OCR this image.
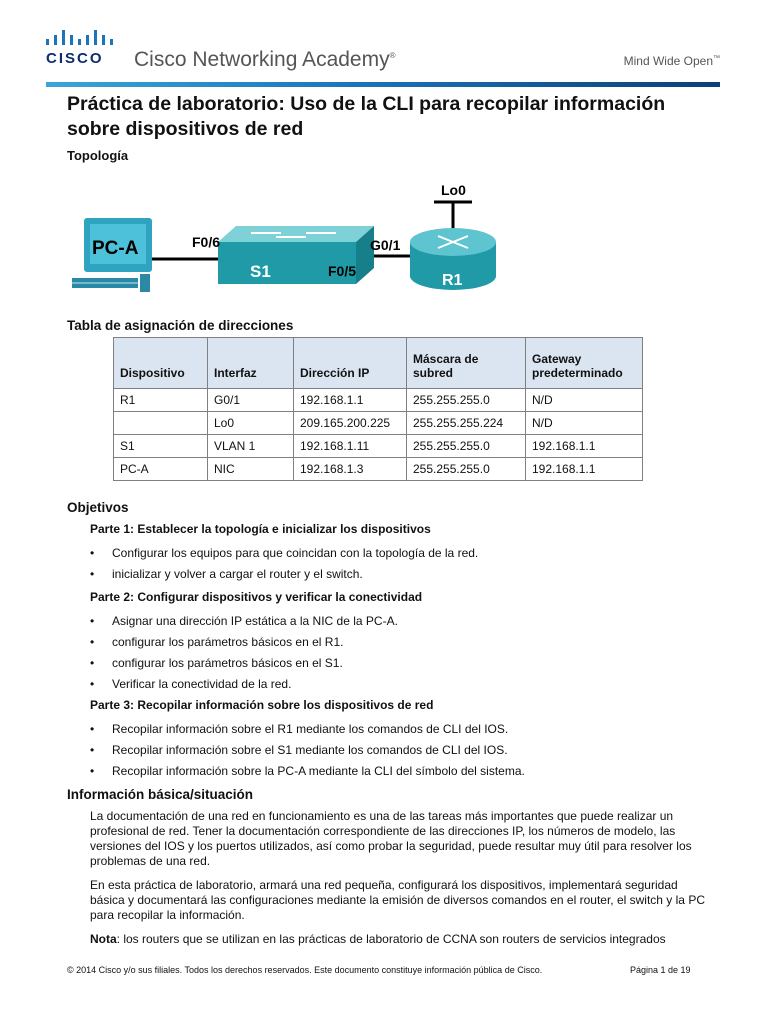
CISCO Cisco Networking Academy®	Mind Wide Open™
Práctica de laboratorio: Uso de la CLI para recopilar información sobre dispositivos de red
Topología
PC-A
S1	R1
F0/6
F0/5
G0/1
Lo0
Tabla de asignación de direcciones
Dispositivo	Interfaz	Dirección IP	Máscara de subred	Gateway predeterminado
R1	G0/1	192.168.1.1	255.255.255.0	N/D
	Lo0	209.165.200.225	255.255.255.224	N/D
S1	VLAN 1	192.168.1.11	255.255.255.0	192.168.1.1
PC-A	NIC	192.168.1.3	255.255.255.0	192.168.1.1
Objetivos
Parte 1: Establecer la topología e inicializar los dispositivos
• Configurar los equipos para que coincidan con la topología de la red.
• inicializar y volver a cargar el router y el switch.
Parte 2: Configurar dispositivos y verificar la conectividad
• Asignar una dirección IP estática a la NIC de la PC-A.
• configurar los parámetros básicos en el R1.
• configurar los parámetros básicos en el S1.
• Verificar la conectividad de la red.
Parte 3: Recopilar información sobre los dispositivos de red
• Recopilar información sobre el R1 mediante los comandos de CLI del IOS.
• Recopilar información sobre el S1 mediante los comandos de CLI del IOS.
• Recopilar información sobre la PC-A mediante la CLI del símbolo del sistema.
Información básica/situación

La documentación de una red en funcionamiento es una de las tareas más importantes que puede realizar un profesional de red. Tener la documentación correspondiente de las direcciones IP, los números de modelo, las versiones del IOS y los puertos utilizados, así como probar la seguridad, puede resultar muy útil para resolver los problemas de una red.

En esta práctica de laboratorio, armará una red pequeña, configurará los dispositivos, implementará seguridad básica y documentará las configuraciones mediante la emisión de diversos comandos en el router, el switch y la PC para recopilar la información.

Nota: los routers que se utilizan en las prácticas de laboratorio de CCNA son routers de servicios integrados

© 2014 Cisco y/o sus filiales. Todos los derechos reservados. Este documento constituye información pública de Cisco.	Página 1 de 19
